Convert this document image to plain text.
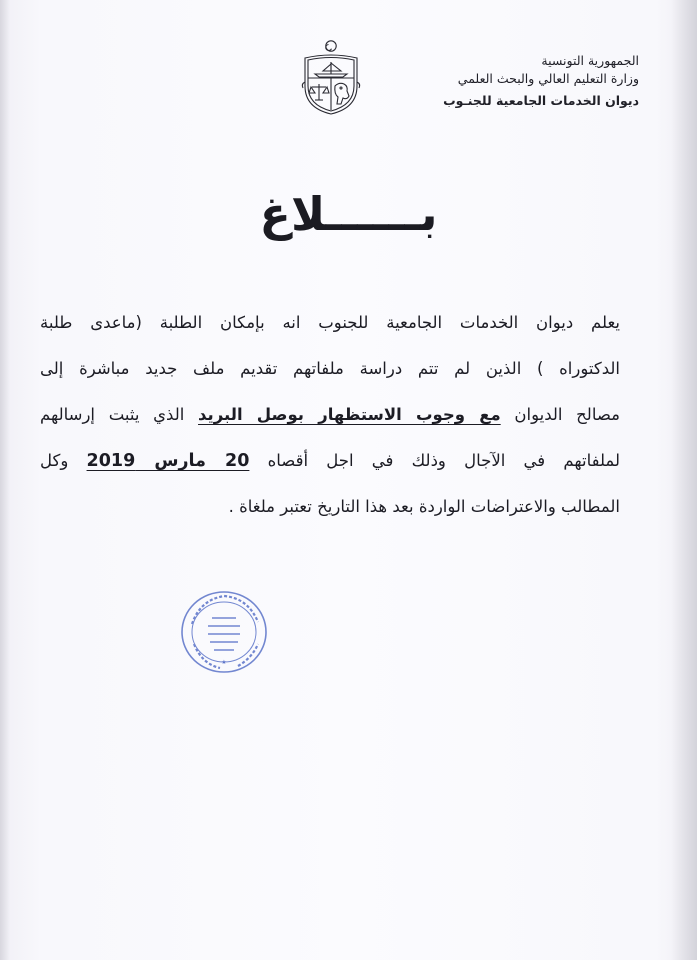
الجمهورية التونسية
وزارة التعليم العالي والبحث العلمي
ديوان الخدمات الجامعية للجنـوب
بــــــلاغ
يعلم ديوان الخدمات الجامعية للجنوب انه بإمكان الطلبة (ماعدى طلبة
الدكتوراه ) الذين لم تتم دراسة ملفاتهم تقديم ملف جديد مباشرة إلى
مصالح الديوان مع وجوب الاستظهار بوصل البريد الذي يثبت إرسالهم
لملفاتهم في الآجال وذلك في اجل أقصاه 20 مارس 2019 وكل
المطالب والاعتراضات الواردة بعد هذا التاريخ تعتبر ملغاة .
★
